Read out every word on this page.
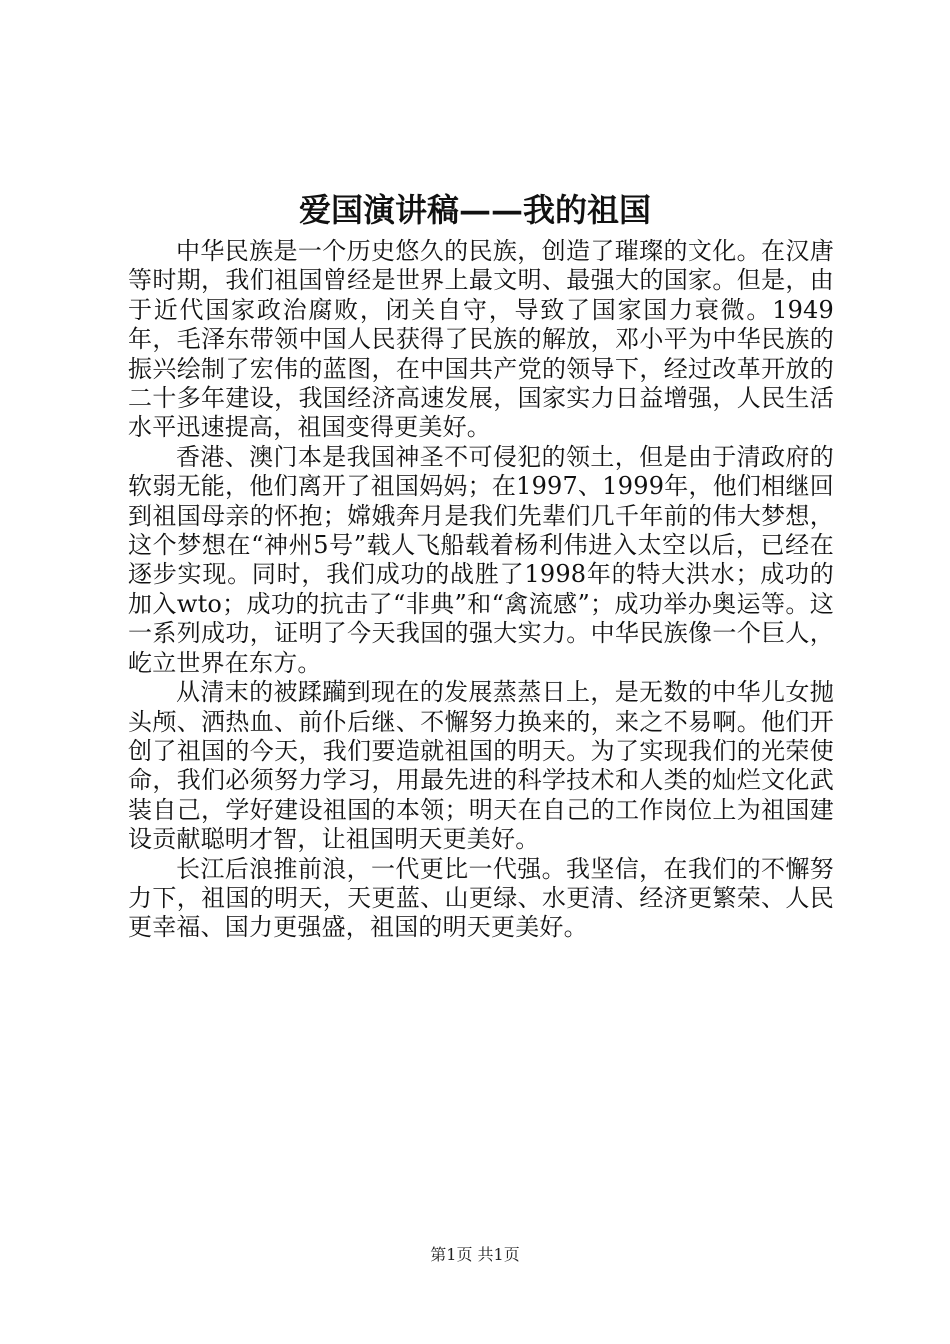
爱国演讲稿——我的祖国

中华民族是一个历史悠久的民族，创造了璀璨的文化。在汉唐等时期，我们祖国曾经是世界上最文明、最强大的国家。但是，由于近代国家政治腐败，闭关自守，导致了国家国力衰微。1949年，毛泽东带领中国人民获得了民族的解放，邓小平为中华民族的振兴绘制了宏伟的蓝图，在中国共产党的领导下，经过改革开放的二十多年建设，我国经济高速发展，国家实力日益增强，人民生活水平迅速提高，祖国变得更美好。

香港、澳门本是我国神圣不可侵犯的领土，但是由于清政府的软弱无能，他们离开了祖国妈妈；在1997、1999年，他们相继回到祖国母亲的怀抱；嫦娥奔月是我们先辈们几千年前的伟大梦想，这个梦想在“神州5号”载人飞船载着杨利伟进入太空以后，已经在逐步实现。同时，我们成功的战胜了1998年的特大洪水；成功的加入wto；成功的抗击了“非典”和“禽流感”；成功举办奥运等。这一系列成功，证明了今天我国的强大实力。中华民族像一个巨人，屹立世界在东方。

从清末的被蹂躏到现在的发展蒸蒸日上，是无数的中华儿女抛头颅、洒热血、前仆后继、不懈努力换来的，来之不易啊。他们开创了祖国的今天，我们要造就祖国的明天。为了实现我们的光荣使命，我们必须努力学习，用最先进的科学技术和人类的灿烂文化武装自己，学好建设祖国的本领；明天在自己的工作岗位上为祖国建设贡献聪明才智，让祖国明天更美好。

长江后浪推前浪，一代更比一代强。我坚信，在我们的不懈努力下，祖国的明天，天更蓝、山更绿、水更清、经济更繁荣、人民更幸福、国力更强盛，祖国的明天更美好。

第1页 共1页
